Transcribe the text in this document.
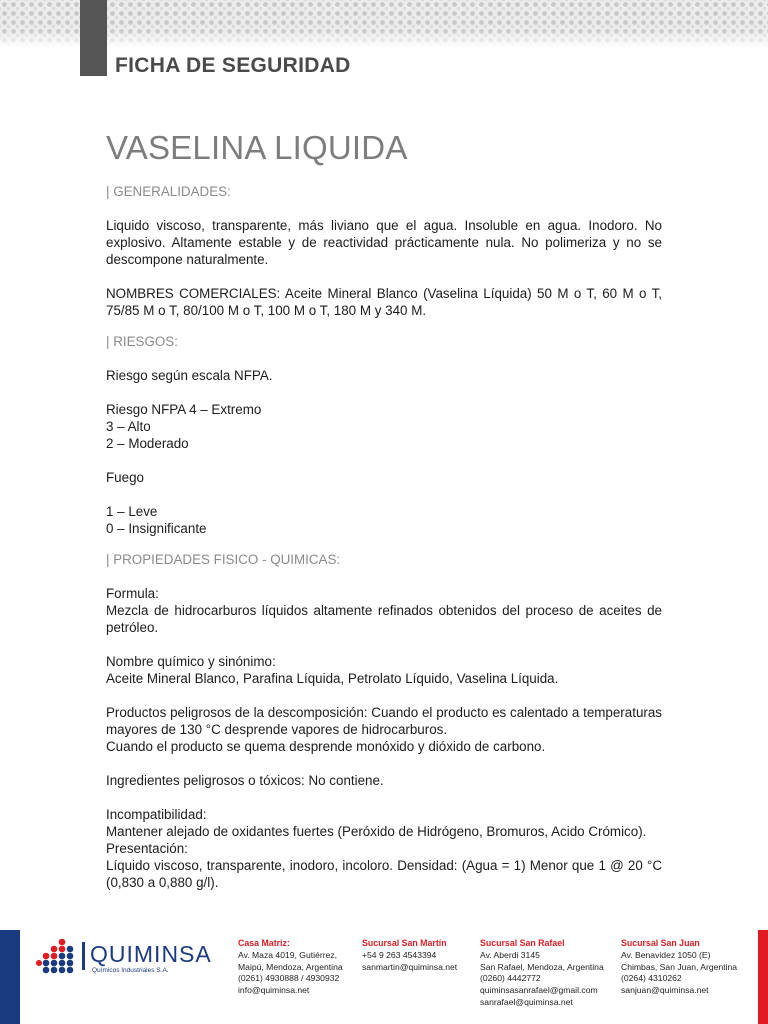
FICHA DE SEGURIDAD
VASELINA LIQUIDA

| GENERALIDADES:

Liquido viscoso, transparente, más liviano que el agua. Insoluble en agua. Inodoro. No explosivo. Altamente estable y de reactividad prácticamente nula. No polimeriza y no se descompone naturalmente.

NOMBRES COMERCIALES: Aceite Mineral Blanco (Vaselina Líquida) 50 M o T, 60 M o T, 75/85 M o T, 80/100 M o T, 100 M o T, 180 M y 340 M.

| RIESGOS:

Riesgo según escala NFPA.

Riesgo NFPA 4 – Extremo
3 – Alto
2 – Moderado

Fuego

1 – Leve
0 – Insignificante

| PROPIEDADES FISICO - QUIMICAS:

Formula:

Mezcla de hidrocarburos líquidos altamente refinados obtenidos del proceso de aceites de petróleo.

Nombre químico y sinónimo:

Aceite Mineral Blanco, Parafina Líquida, Petrolato Líquido, Vaselina Líquida.

Productos peligrosos de la descomposición: Cuando el producto es calentado a temperaturas mayores de 130 °C desprende vapores de hidrocarburos.

Cuando el producto se quema desprende monóxido y dióxido de carbono.

Ingredientes peligrosos o tóxicos: No contiene.

Incompatibilidad:

Mantener alejado de oxidantes fuertes (Peróxido de Hidrógeno, Bromuros, Acido Crómico).

Presentación:

Líquido viscoso, transparente, inodoro, incoloro. Densidad: (Agua = 1) Menor que 1 @ 20 °C (0,830 a 0,880 g/l).

QUIMINSA
Químicos Industriales S.A.
Casa Matriz:
Av. Maza 4019, Gutiérrez,
Maipú, Mendoza, Argentina
(0261) 4930888 / 4930932
info@quiminsa.net
Sucursal San Martín
+54 9 263 4543394
sanmartin@quiminsa.net
Sucursal San Rafael
Av. Aberdi 3145
San Rafael, Mendoza, Argentina
(0260) 4442772
quiminsasanrafael@gmail.com
sanrafael@quiminsa.net
Sucursal San Juan
Av. Benavidez 1050 (E)
Chimbas, San Juan, Argentina
(0264) 4310262
sanjuan@quiminsa.net
